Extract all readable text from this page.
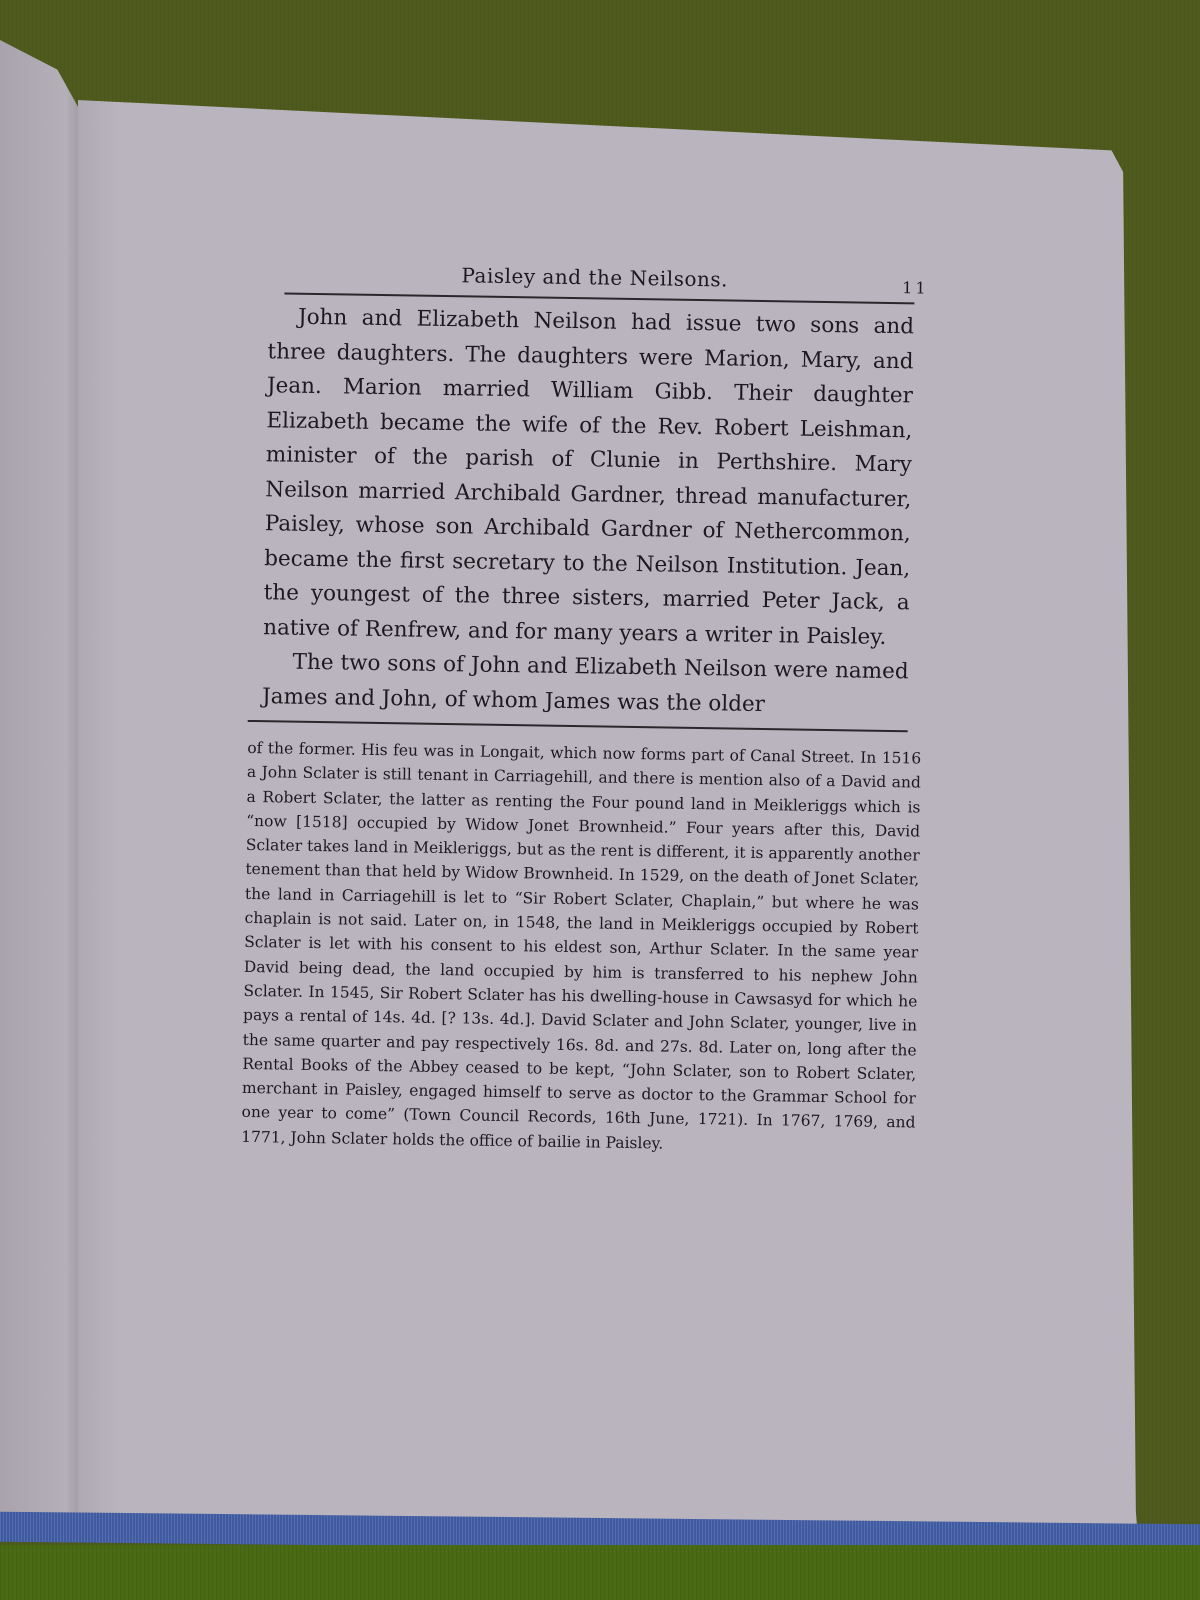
Paisley and the Neilsons.	11

John and Elizabeth Neilson had issue two sons and three daughters. The daughters were Marion, Mary, and Jean. Marion married William Gibb. Their daughter Elizabeth became the wife of the Rev. Robert Leishman, minister of the parish of Clunie in Perthshire. Mary Neilson married Archibald Gardner, thread manufacturer, Paisley, whose son Archibald Gardner of Nethercommon, became the first secretary to the Neilson Institution. Jean, the youngest of the three sisters, married Peter Jack, a native of Renfrew, and for many years a writer in Paisley.

The two sons of John and Elizabeth Neilson were named James and John, of whom James was the older

of the former. His feu was in Longait, which now forms part of Canal Street. In 1516 a John Sclater is still tenant in Carriagehill, and there is mention also of a David and a Robert Sclater, the latter as renting the Four pound land in Meikleriggs which is “now [1518] occupied by Widow Jonet Brownheid.” Four years after this, David Sclater takes land in Meikleriggs, but as the rent is different, it is apparently another tenement than that held by Widow Brownheid. In 1529, on the death of Jonet Sclater, the land in Carriagehill is let to “Sir Robert Sclater, Chaplain,” but where he was chaplain is not said. Later on, in 1548, the land in Meikleriggs occupied by Robert Sclater is let with his consent to his eldest son, Arthur Sclater. In the same year David being dead, the land occupied by him is transferred to his nephew John Sclater. In 1545, Sir Robert Sclater has his dwelling-house in Cawsasyd for which he pays a rental of 14s. 4d. [? 13s. 4d.]. David Sclater and John Sclater, younger, live in the same quarter and pay respectively 16s. 8d. and 27s. 8d. Later on, long after the Rental Books of the Abbey ceased to be kept, “John Sclater, son to Robert Sclater, merchant in Paisley, engaged himself to serve as doctor to the Grammar School for one year to come” (Town Council Records, 16th June, 1721). In 1767, 1769, and 1771, John Sclater holds the office of bailie in Paisley.
